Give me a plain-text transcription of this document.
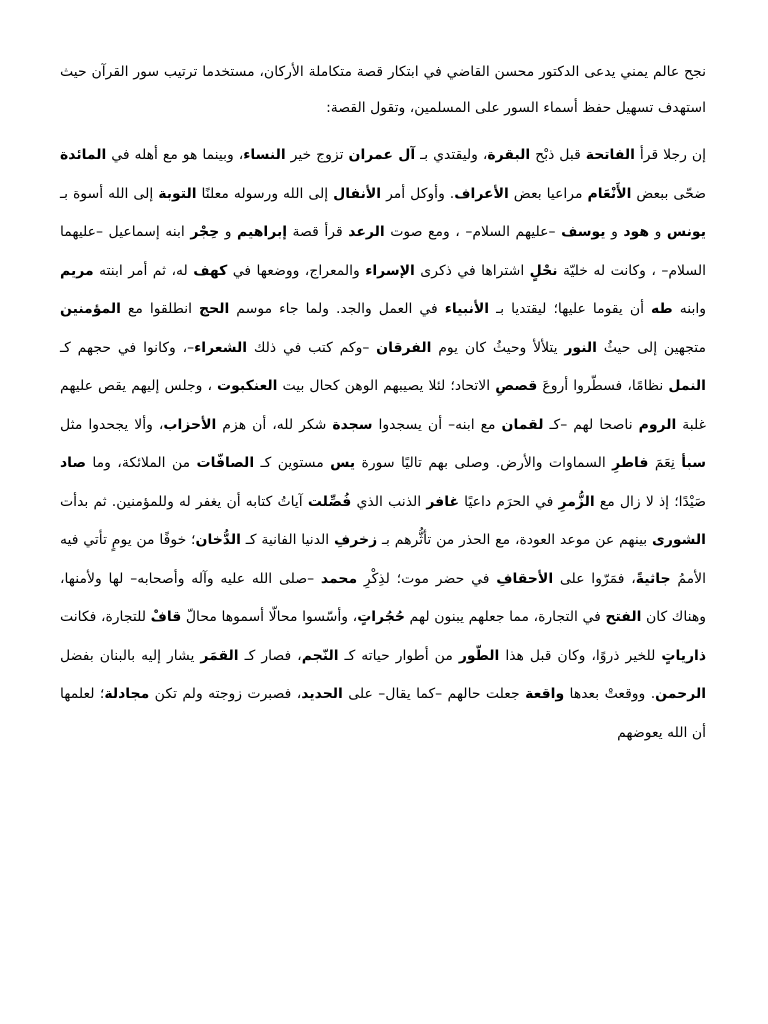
نجح عالم يمني يدعى الدكتور محسن القاضي في ابتكار قصة متكاملة الأركان، مستخدما ترتيب سور القرآن حيث استهدف تسهيل حفظ أسماء السور على المسلمين، وتقول القصة:

إن رجلا قرأ الفاتحة قبل ذبْح البقرة، وليقتدي بـ آل عمران تزوج خير النساء، وبينما هو مع أهله في المائدة ضحّى ببعض الأَنْعَام مراعيا بعض الأعراف. وأوكل أمر الأنفال إلى الله ورسوله معلنًا التوبة إلى الله أسوة بـ يونس و هود و يوسف –عليهم السلام– ، ومع صوت الرعد قرأ قصة إبراهيم و حِجْر ابنه إسماعيل –عليهما السلام– ، وكانت له خليّة نحْلٍ اشتراها في ذكرى الإسراء والمعراج، ووضعها في كهف له، ثم أمر ابنته مريم وابنه طه أن يقوما عليها؛ ليقتديا بـ الأنبياء في العمل والجد. ولما جاء موسم الحج انطلقوا مع المؤمنين متجهين إلى حيثُ النور يتلألأ وحيثُ كان يوم الفرقان –وكم كتب في ذلك الشعراء–، وكانوا في حجهم كـ النمل نظامًا، فسطّروا أروعَ قصصِ الاتحاد؛ لئلا يصيبهم الوهن كحال بيت العنكبوت ، وجلس إليهم يقص عليهم غلبة الروم ناصحا لهم –كـ لقمان مع ابنه– أن يسجدوا سجدة شكر لله، أن هزم الأحزاب، وألا يجحدوا مثل سبأ نِعَمَ فاطرِ السماوات والأرض. وصلى بهم تاليًا سورة يس مستوين كـ الصافّات من الملائكة، وما صاد صَيْدًا؛ إذ لا زال مع الزُّمرِ في الحرَم داعيًا غافر الذنب الذي فُصِّلت آياتُ كتابه أن يغفر له وللمؤمنين. ثم بدأت الشورى بينهم عن موعد العودة، مع الحذر من تأثُّرهم بـ زخرفِ الدنيا الفانية كـ الدُّخان؛ خوفًا من يومٍ تأتي فيه الأممُ جاثيةً، فمَرّوا على الأحقافِ في حضر موت؛ لذِكْرِ محمد –صلى الله عليه وآله وأصحابه– لها ولأمنها، وهناك كان الفتح في التجارة، مما جعلهم يبنون لهم حُجُراتٍ، وأسّسوا محالّا أسموها محالّ قافْ للتجارة، فكانت ذارياتٍ للخير ذروًا، وكان قبل هذا الطّور من أطوار حياته كـ النّجم، فصار كـ القمَر يشار إليه بالبنان بفضل الرحمن. ووقعتْ بعدها واقعة جعلت حالهم –كما يقال– على الحديد، فصبرت زوجته ولم تكن مجادلة؛ لعلمها أن الله يعوضهم
